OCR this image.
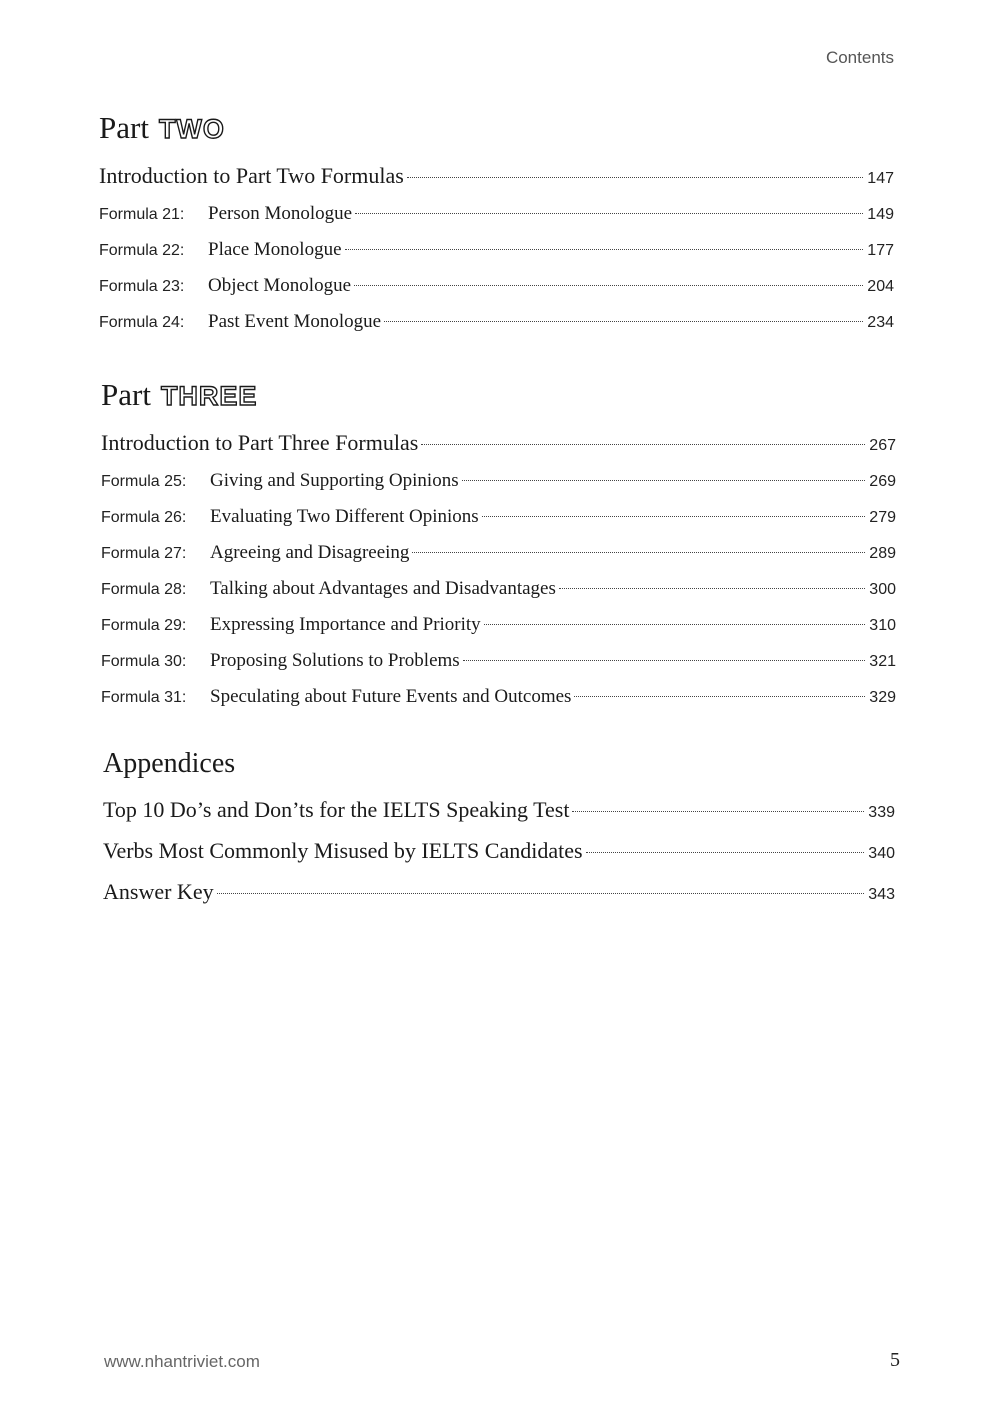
Contents
Part TWO
Introduction to Part Two Formulas	147
Formula 21:	Person Monologue	149
Formula 22:	Place Monologue	177
Formula 23:	Object Monologue	204
Formula 24:	Past Event Monologue	234
Part THREE
Introduction to Part Three Formulas	267
Formula 25:	Giving and Supporting Opinions	269
Formula 26:	Evaluating Two Different Opinions	279
Formula 27:	Agreeing and Disagreeing	289
Formula 28:	Talking about Advantages and Disadvantages	300
Formula 29:	Expressing Importance and Priority	310
Formula 30:	Proposing Solutions to Problems	321
Formula 31:	Speculating about Future Events and Outcomes	329
Appendices
Top 10 Do’s and Don’ts for the IELTS Speaking Test	339
Verbs Most Commonly Misused by IELTS Candidates	340
Answer Key	343
www.nhantriviet.com	5
